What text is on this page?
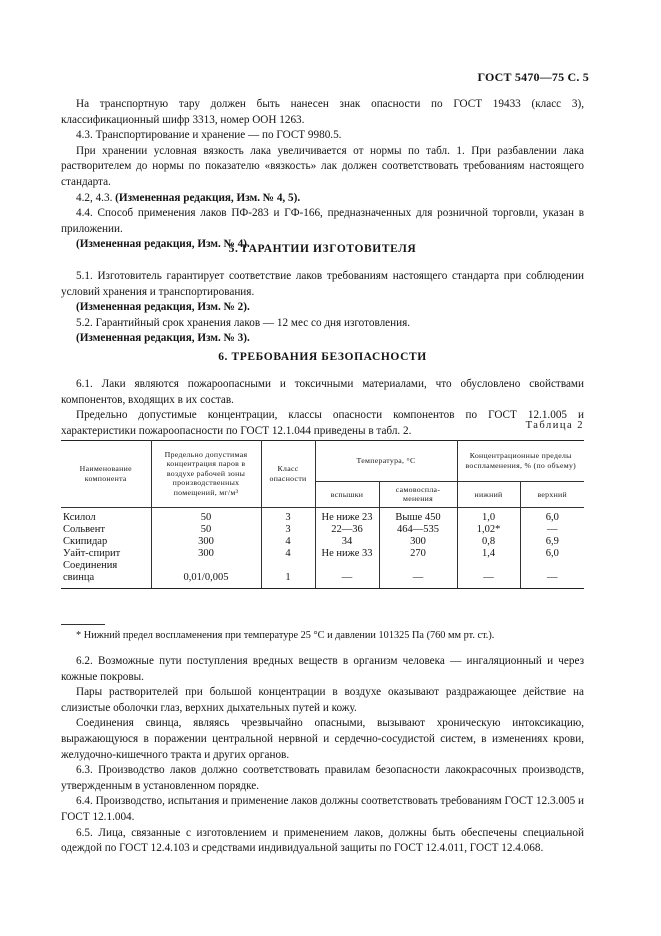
ГОСТ 5470—75 С. 5

На транспортную тару должен быть нанесен знак опасности по ГОСТ 19433 (класс 3), классификационный шифр 3313, номер ООН 1263.

4.3. Транспортирование и хранение — по ГОСТ 9980.5.

При хранении условная вязкость лака увеличивается от нормы по табл. 1. При разбавлении лака растворителем до нормы по показателю «вязкость» лак должен соответствовать требованиям настоящего стандарта.

4.2, 4.3. (Измененная редакция, Изм. № 4, 5).

4.4. Способ применения лаков ПФ-283 и ГФ-166, предназначенных для розничной торговли, указан в приложении.

(Измененная редакция, Изм. № 4).

5. ГАРАНТИИ ИЗГОТОВИТЕЛЯ

5.1. Изготовитель гарантирует соответствие лаков требованиям настоящего стандарта при соблюдении условий хранения и транспортирования.

(Измененная редакция, Изм. № 2).

5.2. Гарантийный срок хранения лаков — 12 мес со дня изготовления.

(Измененная редакция, Изм. № 3).

6. ТРЕБОВАНИЯ БЕЗОПАСНОСТИ

6.1. Лаки являются пожароопасными и токсичными материалами, что обусловлено свойствами компонентов, входящих в их состав.

Предельно допустимые концентрации, классы опасности компонентов по ГОСТ 12.1.005 и характеристики пожароопасности по ГОСТ 12.1.044 приведены в табл. 2.	Таблица 2
Наименование компонента	Предельно допустимая концентрация паров в воздухе рабочей зоны производственных помещений, мг/м³	Класс опасности	Температура, °С		Концентрационные пределы воспламенения, % (по объему)	
			вспышки	самовоспла-менения	нижний	верхний
Ксилол	50	3	Не ниже 23	Выше 450	1,0	6,0
Сольвент	50	3	22—36	464—535	1,02*	—
Скипидар	300	4	34	300	0,8	6,9
Уайт-спирит	300	4	Не ниже 33	270	1,4	6,0
Соединения						
свинца	0,01/0,005	1	—	—	—	—
* Нижний предел воспламенения при температуре 25 °С и давлении 101325 Па (760 мм рт. ст.).

6.2. Возможные пути поступления вредных веществ в организм человека — ингаляционный и через кожные покровы.

Пары растворителей при большой концентрации в воздухе оказывают раздражающее действие на слизистые оболочки глаз, верхних дыхательных путей и кожу.

Соединения свинца, являясь чрезвычайно опасными, вызывают хроническую интоксикацию, выражающуюся в поражении центральной нервной и сердечно-сосудистой систем, в изменениях крови, желудочно-кишечного тракта и других органов.

6.3. Производство лаков должно соответствовать правилам безопасности лакокрасочных производств, утвержденным в установленном порядке.

6.4. Производство, испытания и применение лаков должны соответствовать требованиям ГОСТ 12.3.005 и ГОСТ 12.1.004.

6.5. Лица, связанные с изготовлением и применением лаков, должны быть обеспечены специальной одеждой по ГОСТ 12.4.103 и средствами индивидуальной защиты по ГОСТ 12.4.011, ГОСТ 12.4.068.
